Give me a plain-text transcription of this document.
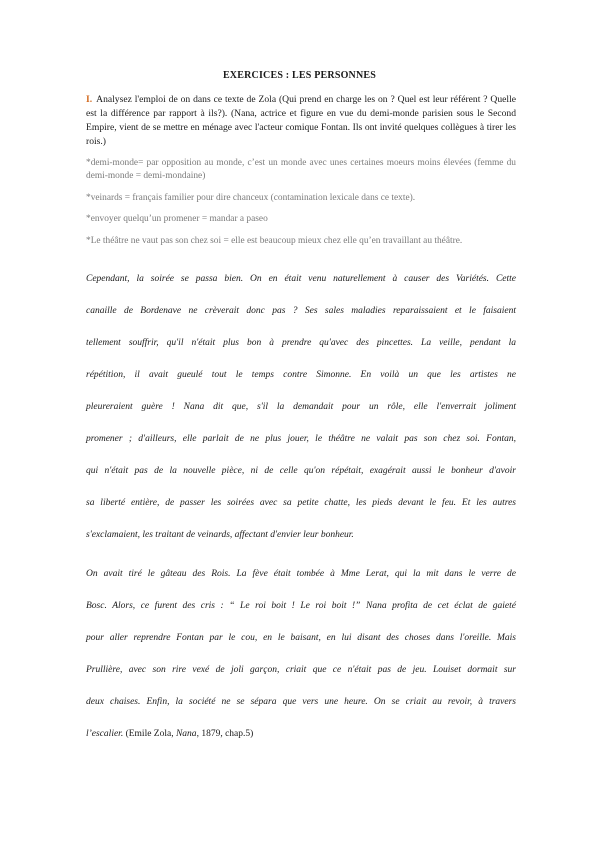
EXERCICES : LES PERSONNES
I. Analysez l'emploi de on dans ce texte de Zola (Qui prend en charge les on ? Quel est leur référent ? Quelle est la différence par rapport à ils?). (Nana, actrice et figure en vue du demi-monde parisien sous le Second Empire, vient de se mettre en ménage avec l'acteur comique Fontan. Ils ont invité quelques collègues à tirer les rois.)
*demi-monde= par opposition au monde, c’est un monde avec unes certaines moeurs moins élevées (femme du demi-monde = demi-mondaine)
*veinards = français familier pour dire chanceux (contamination lexicale dans ce texte).
*envoyer quelqu’un promener = mandar a paseo
*Le théâtre ne vaut pas son chez soi = elle est beaucoup mieux chez elle qu’en travaillant au théâtre.
Cependant, la soirée se passa bien. On en était venu naturellement à causer des Variétés. Cette
canaille de Bordenave ne crèverait donc pas ? Ses sales maladies reparaissaient et le faisaient
tellement souffrir, qu'il n'était plus bon à prendre qu'avec des pincettes. La veille, pendant la
répétition, il avait gueulé tout le temps contre Simonne. En voilà un que les artistes ne
pleureraient guère ! Nana dit que, s'il la demandait pour un rôle, elle l'enverrait joliment
promener ; d'ailleurs, elle parlait de ne plus jouer, le théâtre ne valait pas son chez soi. Fontan,
qui n'était pas de la nouvelle pièce, ni de celle qu'on répétait, exagérait aussi le bonheur d'avoir
sa liberté entière, de passer les soirées avec sa petite chatte, les pieds devant le feu. Et les autres
s'exclamaient, les traitant de veinards, affectant d'envier leur bonheur.
On avait tiré le gâteau des Rois. La fève était tombée à Mme Lerat, qui la mit dans le verre de
Bosc. Alors, ce furent des cris : “ Le roi boit ! Le roi boit !” Nana profita de cet éclat de gaieté
pour aller reprendre Fontan par le cou, en le baisant, en lui disant des choses dans l'oreille. Mais
Prullière, avec son rire vexé de joli garçon, criait que ce n'était pas de jeu. Louiset dormait sur
deux chaises. Enfin, la société ne se sépara que vers une heure. On se criait au revoir, à travers
l’escalier. (Emile Zola, Nana, 1879, chap.5)
